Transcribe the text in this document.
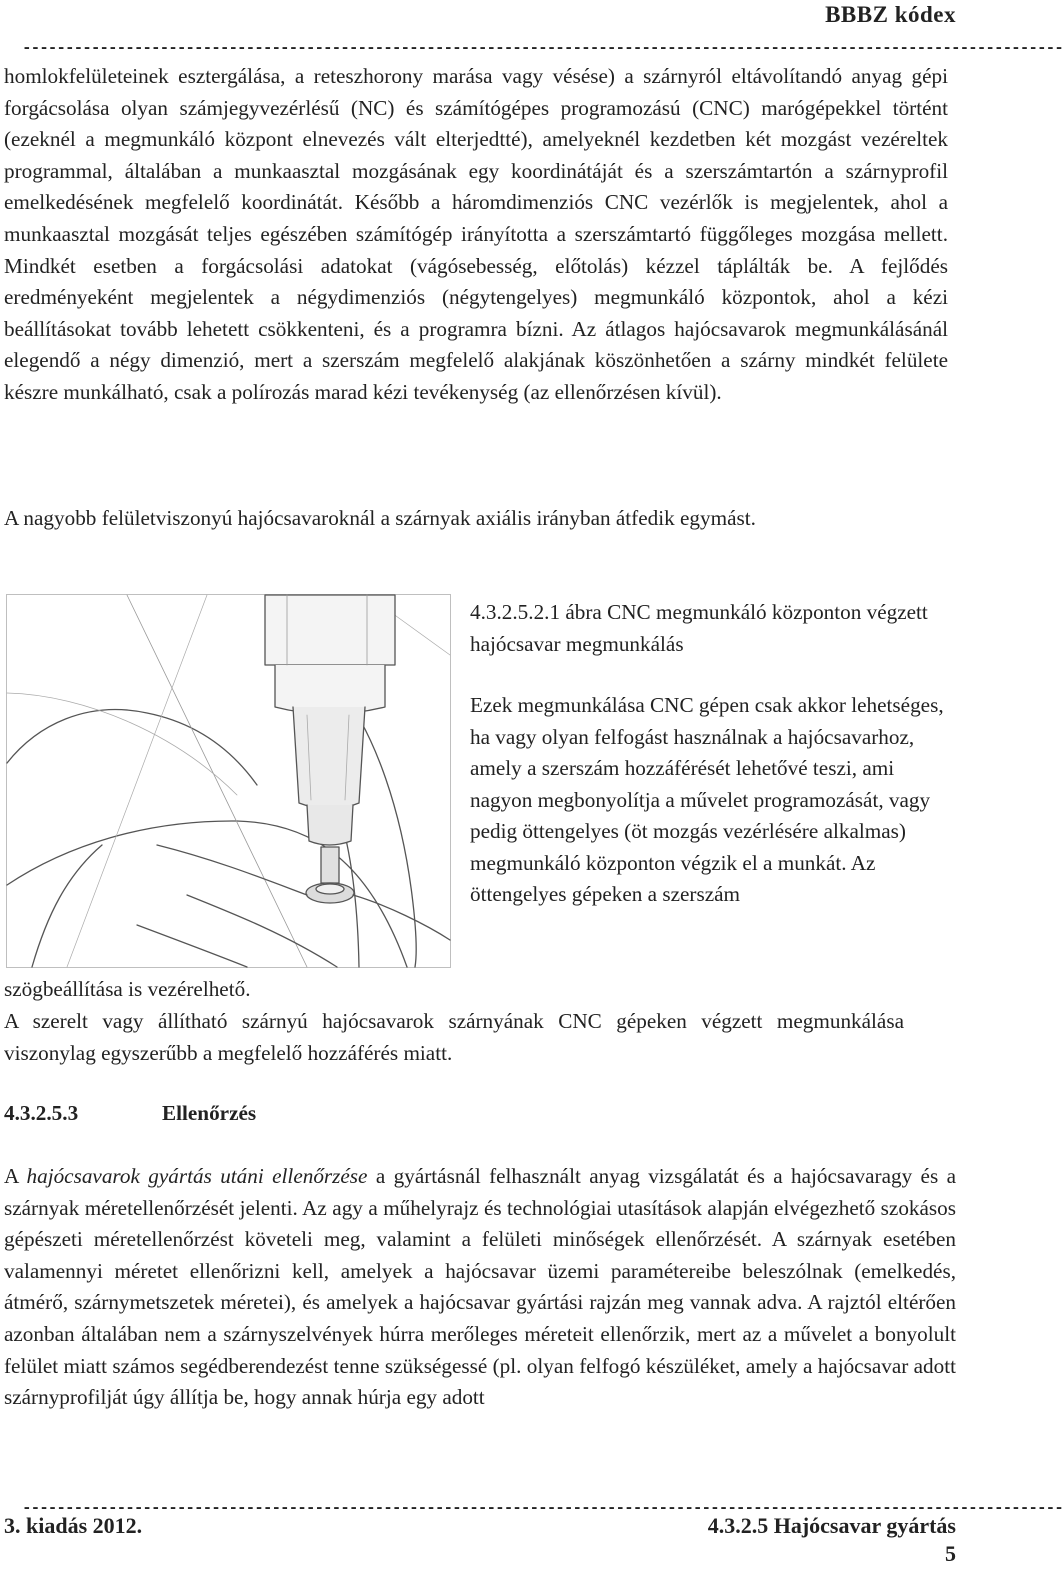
BBBZ kódex
-------------------------------------------------------------------------------------------------------------------------

homlokfelületeinek esztergálása, a reteszhorony marása vagy vésése) a szárnyról eltávolítandó anyag gépi forgácsolása olyan számjegyvezérlésű (NC) és számítógépes programozású (CNC) marógépekkel történt (ezeknél a megmunkáló központ elnevezés vált elterjedtté), amelyeknél kezdetben két mozgást vezéreltek programmal, általában a munkaasztal mozgásának egy koordinátáját és a szerszámtartón a szárnyprofil emelkedésének megfelelő koordinátát. Később a háromdimenziós CNC vezérlők is megjelentek, ahol a munkaasztal mozgását teljes egészében számítógép irányította a szerszámtartó függőleges mozgása mellett. Mindkét esetben a forgácsolási adatokat (vágósebesség, előtolás) kézzel táplálták be. A fejlődés eredményeként megjelentek a négydimenziós (négytengelyes) megmunkáló központok, ahol a kézi beállításokat tovább lehetett csökkenteni, és a programra bízni. Az átlagos hajócsavarok megmunkálásánál elegendő a négy dimenzió, mert a szerszám megfelelő alakjának köszönhetően a szárny mindkét felülete készre munkálható, csak a polírozás marad kézi tevékenység (az ellenőrzésen kívül).

A nagyobb felületviszonyú hajócsavaroknál a szárnyak axiális irányban átfedik egymást.

4.3.2.5.2.1 ábra CNC megmunkáló központon végzett hajócsavar megmunkálás

Ezek megmunkálása CNC gépen csak akkor lehetséges, ha vagy olyan felfogást használnak a hajócsavarhoz, amely a szerszám hozzáférését lehetővé teszi, ami nagyon megbonyolítja a művelet programozását, vagy pedig öttengelyes (öt mozgás vezérlésére alkalmas) megmunkáló központon végzik el a munkát. Az öttengelyes gépeken a szerszám

szögbeállítása is vezérelhető.

A szerelt vagy állítható szárnyú hajócsavarok szárnyának CNC gépeken végzett megmunkálása viszonylag egyszerűbb a megfelelő hozzáférés miatt.

4.3.2.5.3	Ellenőrzés

A hajócsavarok gyártás utáni ellenőrzése a gyártásnál felhasznált anyag vizsgálatát és a hajócsavaragy és a szárnyak méretellenőrzését jelenti. Az agy a műhelyrajz és technológiai utasítások alapján elvégezhető szokásos gépészeti méretellenőrzést követeli meg, valamint a felületi minőségek ellenőrzését. A szárnyak esetében valamennyi méretet ellenőrizni kell, amelyek a hajócsavar üzemi paramétereibe beleszólnak (emelkedés, átmérő, szárnymetszetek méretei), és amelyek a hajócsavar gyártási rajzán meg vannak adva. A rajztól eltérően azonban általában nem a szárnyszelvények húrra merőleges méreteit ellenőrzik, mert az a művelet a bonyolult felület miatt számos segédberendezést tenne szükségessé (pl. olyan felfogó készüléket, amely a hajócsavar adott szárnyprofilját úgy állítja be, hogy annak húrja egy adott

-------------------------------------------------------------------------------------------------------------------------
3. kiadás 2012.	4.3.2.5 Hajócsavar gyártás
5
